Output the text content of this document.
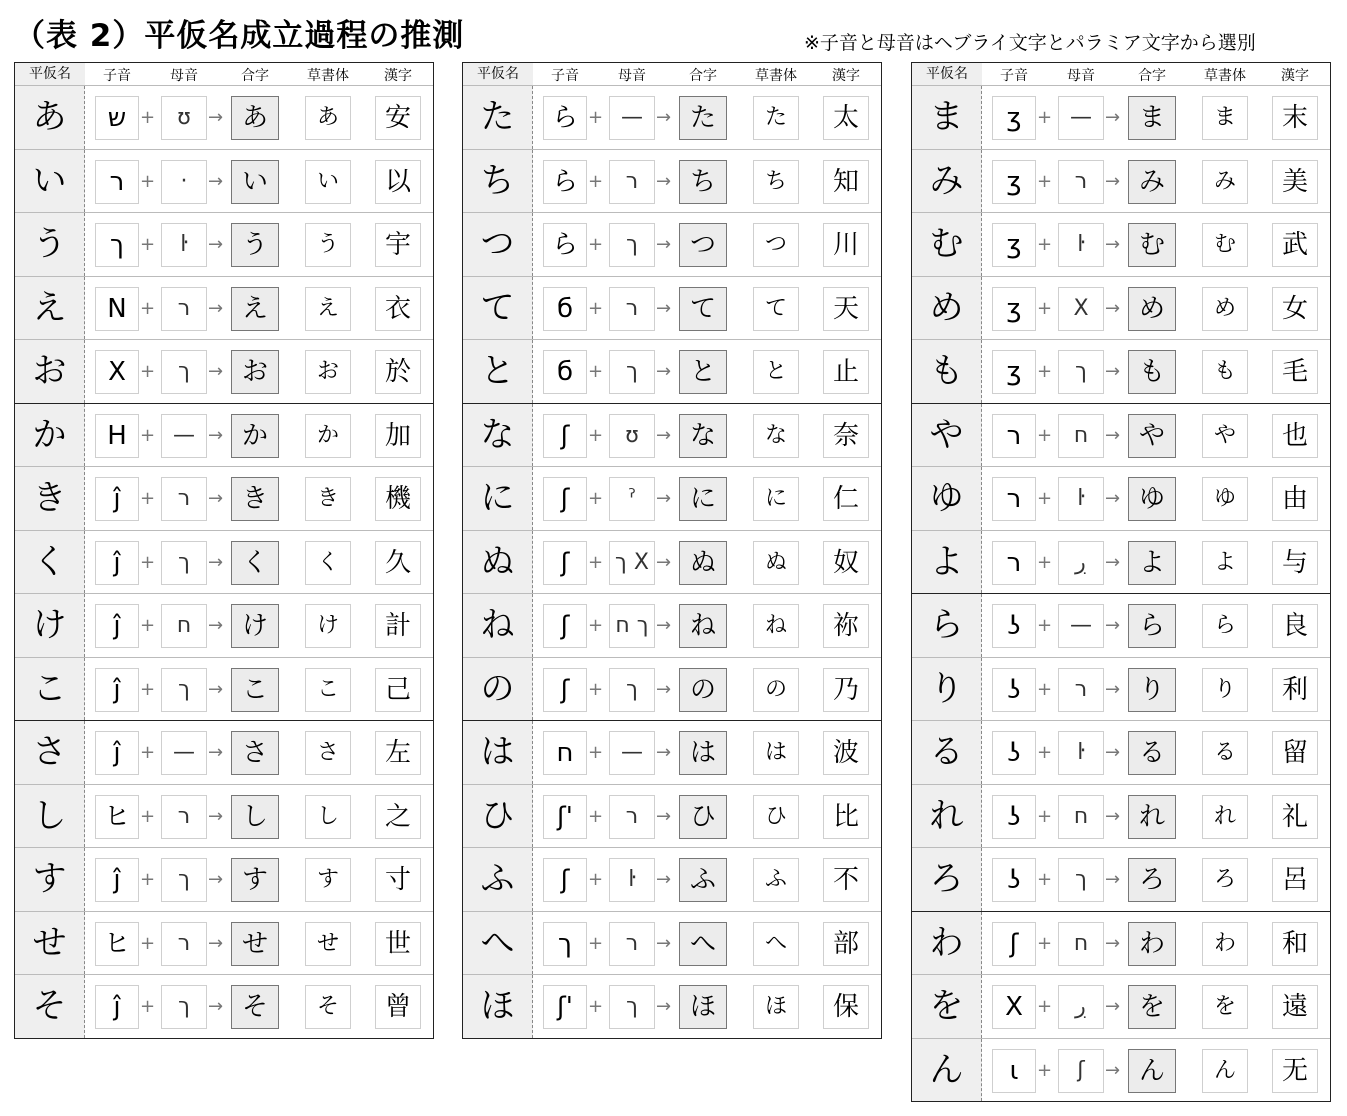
（表 2）平仮名成立過程の推測	※子音と母音はヘブライ文字とパラミア文字から選別
平仮名	子音	母音	合字	草書体	漢字
あ	ש +	ʊ → あ	あ	安
い	ר +	·	→ い	い	以
う	ך +	ŀ	→ う	う	宇
え	N +	ר → え	え	衣
お	X +	ך	→ お	お	於
か	H + — → か	か	加
き	ĵ	+	ר → き	き	機
く	ĵ	+	ך	→ く	く	久
け	ĵ	+ ח → け	け	計
こ	ĵ	+	ך	→ こ	こ	己
さ	ĵ	+ — → さ	さ	左
し	ヒ +	ר → し	し	之
す	ĵ	+	ך	→ す	す	寸
せ	ヒ +	ר → せ	せ	世
そ	ĵ	+	ך	→ そ	そ	曾
平仮名	子音	母音	合字	草書体	漢字
た	ら + — → た	た	太
ち	ら +	ר → ち	ち	知
つ	ら +	ך	→ つ	つ	川
て	б +	ר → て	て	天
と	б +	ך	→ と	と	止
な	ʃ	+	ʊ → な	な	奈
に	ʃ	+	ˀ	→ に	に	仁
ぬ	ʃ	+ ך X → ぬ	ぬ	奴
ね	ʃ	+ ך ח → ね	ね	祢
の	ʃ	+	ך	→ の	の	乃
は	ח + — → は	は	波
ひ	ʃ' +	ר → ひ	ひ	比
ふ	ʃ	+	ŀ	→ ふ	ふ	不
へ	ך +	ר → へ	へ	部
ほ	ʃ' +	ך	→ ほ	ほ	保
平仮名	子音	母音	合字	草書体	漢字
ま	ʒ + — → ま	ま	末
み	ʒ +	ר → み	み	美
む	ʒ +	ŀ	→ む	む	武
め	ʒ + X → め	め	女
も	ʒ +	ך	→ も	も	毛
や	ר + ח → や	や	也
ゆ	ר +	ŀ	→ ゆ	ゆ	由
よ	ר +	ڔ	→ よ	よ	与
ら	ʖ + — → ら	ら	良
り	ʖ +	ר → り	り	利
る	ʖ +	ŀ	→ る	る	留
れ	ʖ + ח → れ	れ	礼
ろ	ʖ +	ך	→ ろ	ろ	呂
わ	ʃ	+ ח → わ	わ	和
を	X +	ڔ	→ を	を	遠
ん	ɩ	+	ʃ	→ ん	ん	无
